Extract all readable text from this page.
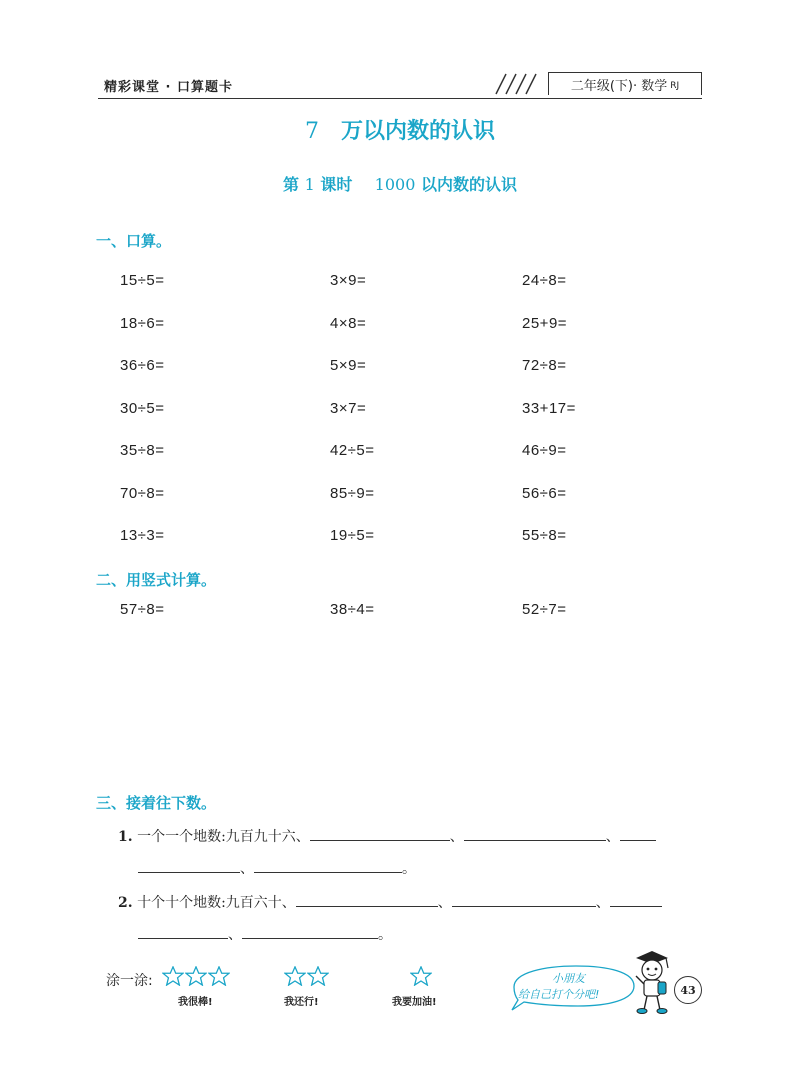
精彩课堂 · 口算题卡	二年级(下)· 数学 RJ
7 万以内数的认识
第 1 课时 1000 以内数的认识
一、口算。
15÷5=	3×9=	24÷8=
18÷6=	4×8=	25+9=
36÷6=	5×9=	72÷8=
30÷5=	3×7=	33+17=
35÷8=	42÷5=	46÷9=
70÷8=	85÷9=	56÷6=
13÷3=	19÷5=	55÷8=
二、用竖式计算。
57÷8=	38÷4=	52÷7=
三、接着往下数。
1. 一个一个地数:九百九十六、	、	、
、	。
2. 十个十个地数:九百六十、	、	、
、	。
涂一涂:
我很棒!	我还行!	我要加油!
小朋友
给自己打个分吧!	43
